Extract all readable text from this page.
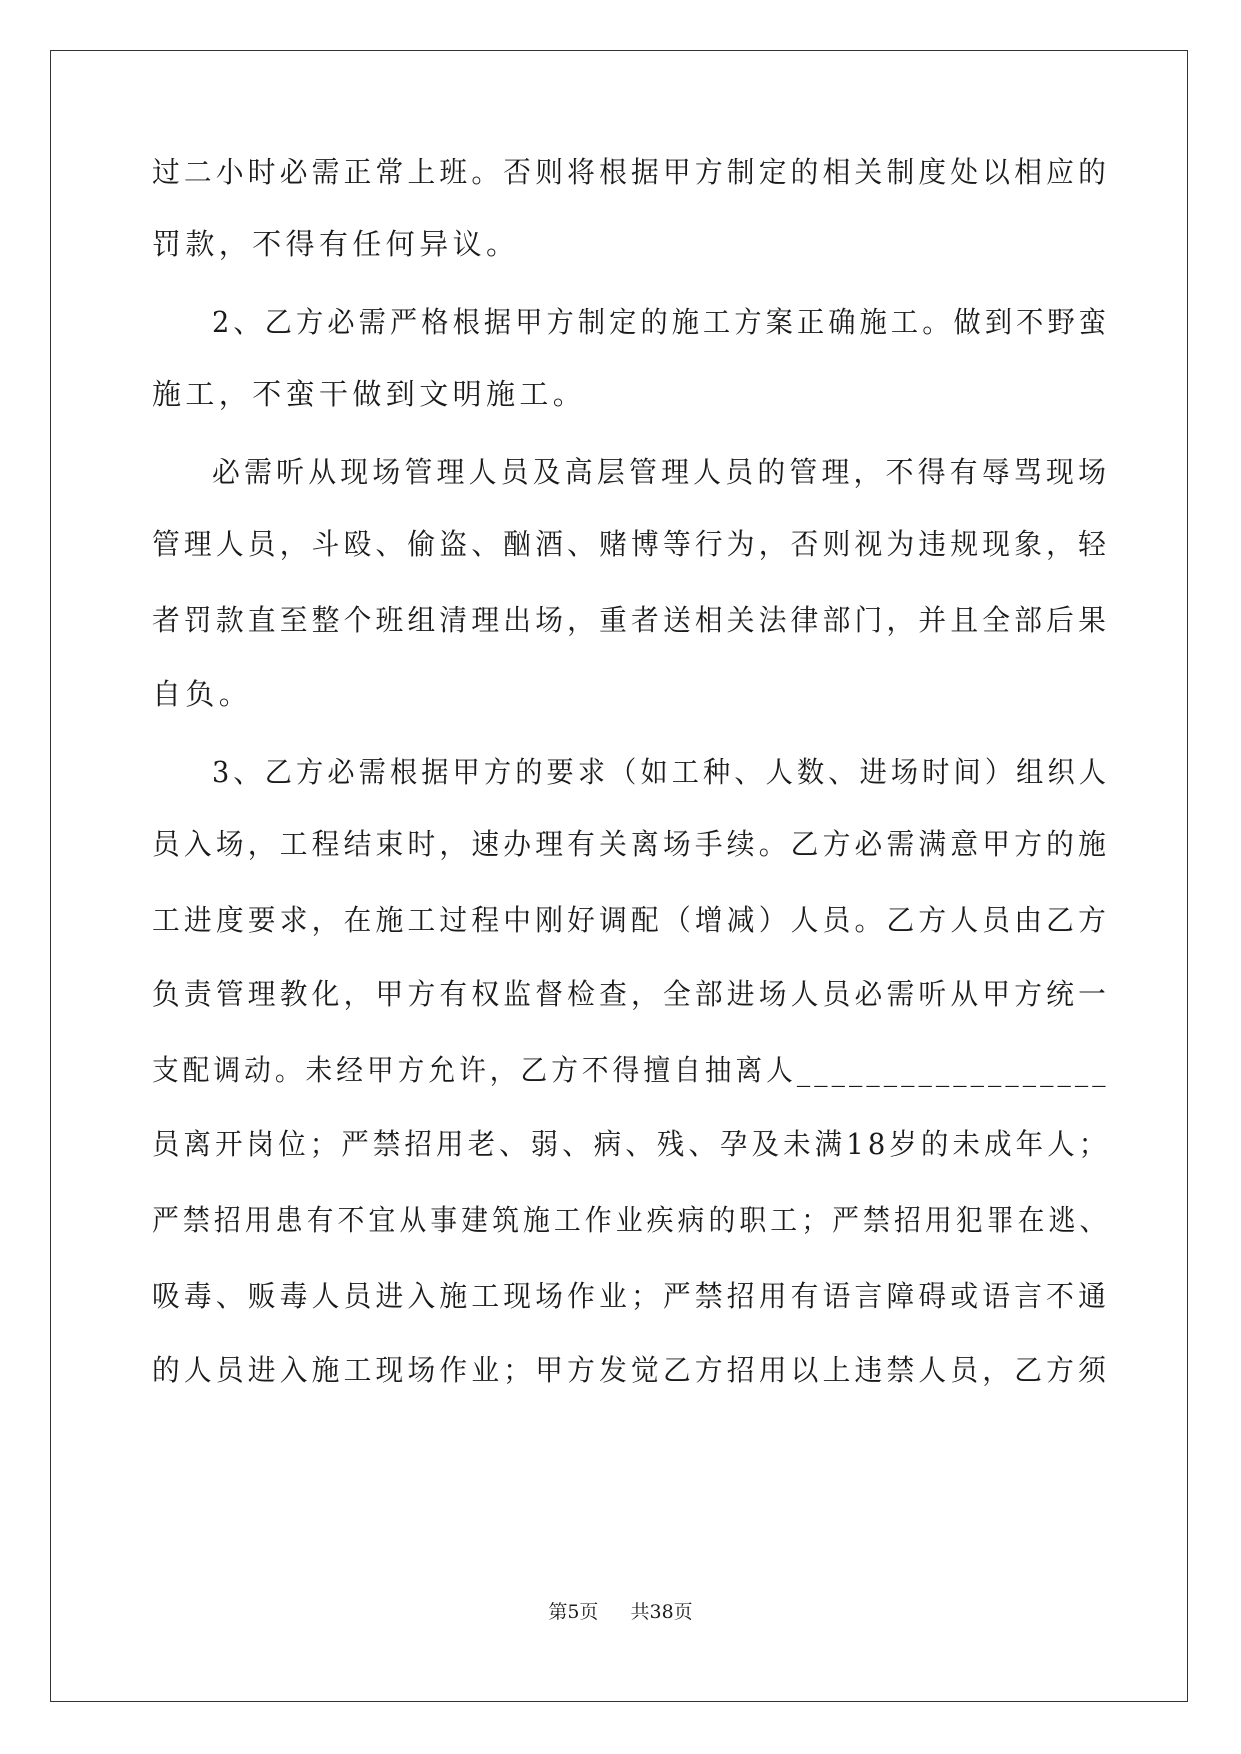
过二小时必需正常上班。否则将根据甲方制定的相关制度处以相应的
罚款，不得有任何异议。
2、乙方必需严格根据甲方制定的施工方案正确施工。做到不野蛮
施工，不蛮干做到文明施工。
必需听从现场管理人员及高层管理人员的管理，不得有辱骂现场
管理人员，斗殴、偷盗、酗酒、赌博等行为，否则视为违规现象，轻
者罚款直至整个班组清理出场，重者送相关法律部门，并且全部后果
自负。
3、乙方必需根据甲方的要求（如工种、人数、进场时间）组织人
员入场，工程结束时，速办理有关离场手续。乙方必需满意甲方的施
工进度要求，在施工过程中刚好调配（增减）人员。乙方人员由乙方
负责管理教化，甲方有权监督检查，全部进场人员必需听从甲方统一
支配调动。未经甲方允许，乙方不得擅自抽离人__________________
员离开岗位；严禁招用老、弱、病、残、孕及未满18岁的未成年人；
严禁招用患有不宜从事建筑施工作业疾病的职工；严禁招用犯罪在逃、
吸毒、贩毒人员进入施工现场作业；严禁招用有语言障碍或语言不通
的人员进入施工现场作业；甲方发觉乙方招用以上违禁人员，乙方须
第5页 共38页
